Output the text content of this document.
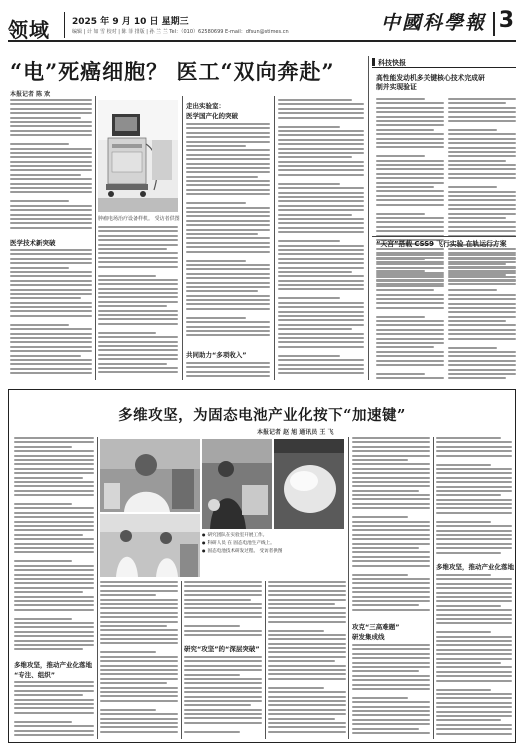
领域 2025 年 9 月 10 日 星期三
编辑 | 计 如 雪 校对 | 陈 菲 排版 | 孙 兰 兰 Tel：（010）62580699 E-mail：dfsun@stimes.cn	中國科學報 3
“电”死癌细胞？ 医工“双向奔赴”
本报记者 陈 欢
医学技术新突破
肿瘤电场治疗设备样机。 受访者供图
走出实验室：
医学国产化的突破
共同助力“多项收入”
科技快报
高性能发动机多关键核心技术完成研制并实现验证
“天宫”搭载 CSS9 飞行实验 在轨运行方案
多维攻坚，为固态电池产业化按下“加速键”
本报记者 赵 旭 通讯员 王 飞
多维攻坚，推动产业化落地
“专注、组织”
● 研究团队在实验室开展工作。
● 科研人员 在 固态电池生产线上。
● 固态电池技术研发过程。 受访者供图
研究“攻坚”的“深层突破”
攻克“三高难题”
研发集成线
多维攻坚，推动产业化落地
